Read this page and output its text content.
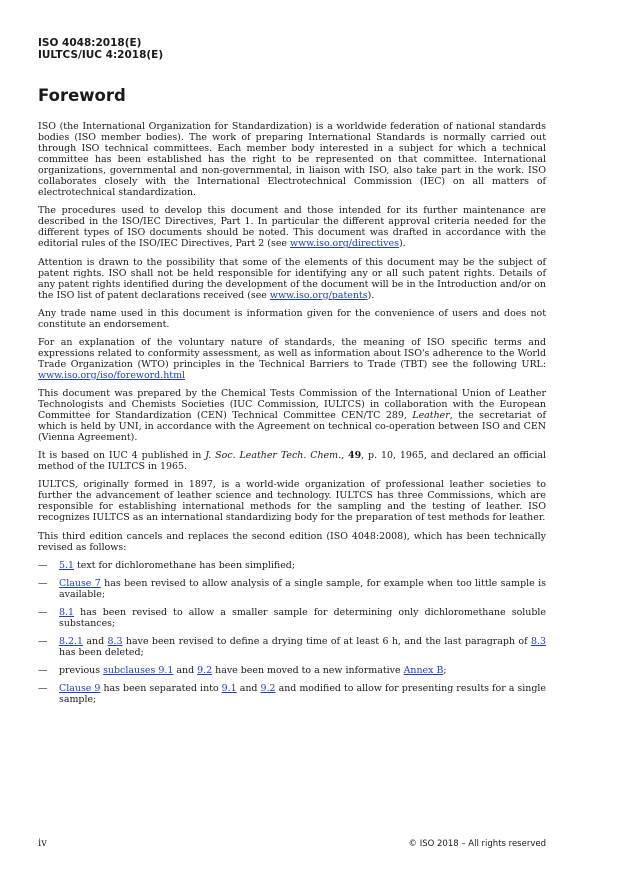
ISO 4048:2018(E)
IULTCS/IUC 4:2018(E)
Foreword

ISO (the International Organization for Standardization) is a worldwide federation of national standards bodies (ISO member bodies). The work of preparing International Standards is normally carried out through ISO technical committees. Each member body interested in a subject for which a technical committee has been established has the right to be represented on that committee. International organizations, governmental and non-governmental, in liaison with ISO, also take part in the work. ISO collaborates closely with the International Electrotechnical Commission (IEC) on all matters of electrotechnical standardization.

The procedures used to develop this document and those intended for its further maintenance are described in the ISO/IEC Directives, Part 1. In particular the different approval criteria needed for the different types of ISO documents should be noted. This document was drafted in accordance with the editorial rules of the ISO/IEC Directives, Part 2 (see www.iso.org/directives).

Attention is drawn to the possibility that some of the elements of this document may be the subject of patent rights. ISO shall not be held responsible for identifying any or all such patent rights. Details of any patent rights identified during the development of the document will be in the Introduction and/or on the ISO list of patent declarations received (see www.iso.org/patents).

Any trade name used in this document is information given for the convenience of users and does not constitute an endorsement.

For an explanation of the voluntary nature of standards, the meaning of ISO specific terms and expressions related to conformity assessment, as well as information about ISO's adherence to the World Trade Organization (WTO) principles in the Technical Barriers to Trade (TBT) see the following URL: www.iso.org/iso/foreword.html

This document was prepared by the Chemical Tests Commission of the International Union of Leather Technologists and Chemists Societies (IUC Commission, IULTCS) in collaboration with the European Committee for Standardization (CEN) Technical Committee CEN/TC 289, Leather, the secretariat of which is held by UNI, in accordance with the Agreement on technical co-operation between ISO and CEN (Vienna Agreement).

It is based on IUC 4 published in J. Soc. Leather Tech. Chem., 49, p. 10, 1965, and declared an official method of the IULTCS in 1965.

IULTCS, originally formed in 1897, is a world-wide organization of professional leather societies to further the advancement of leather science and technology. IULTCS has three Commissions, which are responsible for establishing international methods for the sampling and the testing of leather. ISO recognizes IULTCS as an international standardizing body for the preparation of test methods for leather.

This third edition cancels and replaces the second edition (ISO 4048:2008), which has been technically revised as follows:

—	5.1 text for dichloromethane has been simplified;
—	Clause 7 has been revised to allow analysis of a single sample, for example when too little sample is available;
—	8.1 has been revised to allow a smaller sample for determining only dichloromethane soluble substances;
—	8.2.1 and 8.3 have been revised to define a drying time of at least 6 h, and the last paragraph of 8.3 has been deleted;
—	previous subclauses 9.1 and 9.2 have been moved to a new informative Annex B;
—	Clause 9 has been separated into 9.1 and 9.2 and modified to allow for presenting results for a single sample;
iv	© ISO 2018 – All rights reserved
